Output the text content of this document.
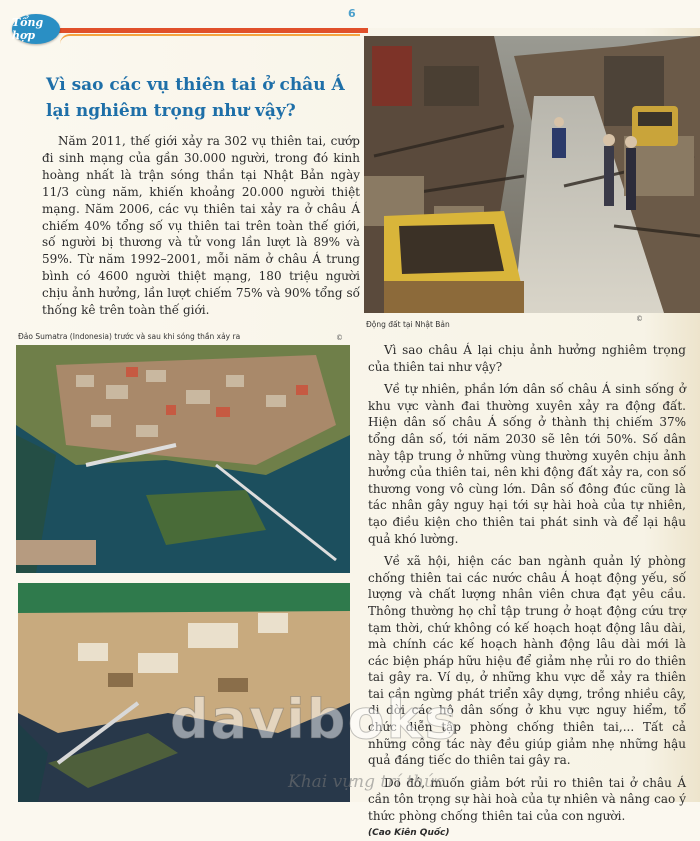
6
Tổng hợp
Vì sao các vụ thiên tai ở châu Á lại nghiêm trọng như vậy?

Năm 2011, thế giới xảy ra 302 vụ thiên tai, cướp đi sinh mạng của gần 30.000 người, trong đó kinh hoàng nhất là trận sóng thần tại Nhật Bản ngày 11/3 cùng năm, khiến khoảng 20.000 người thiệt mạng. Năm 2006, các vụ thiên tai xảy ra ở châu Á chiếm 40% tổng số vụ thiên tai trên toàn thế giới, số người bị thương và tử vong lần lượt là 89% và 59%. Từ năm 1992–2001, mỗi năm ở châu Á trung bình có 4600 người thiệt mạng, 180 triệu người chịu ảnh hưởng, lần lượt chiếm 75% và 90% tổng số thống kê trên toàn thế giới.

Động đất tại Nhật Bản
©
Đảo Sumatra (Indonesia) trước và sau khi sóng thần xảy ra	©

Vì sao châu Á lại chịu ảnh hưởng nghiêm trọng của thiên tai như vậy?

Về tự nhiên, phần lớn dân số châu Á sinh sống ở khu vực vành đai thường xuyên xảy ra động đất. Hiện dân số châu Á sống ở thành thị chiếm 37% tổng dân số, tới năm 2030 sẽ lên tới 50%. Số dân này tập trung ở những vùng thường xuyên chịu ảnh hưởng của thiên tai, nên khi động đất xảy ra, con số thương vong vô cùng lớn. Dân số đông đúc cũng là tác nhân gây nguy hại tới sự hài hoà của tự nhiên, tạo điều kiện cho thiên tai phát sinh và để lại hậu quả khó lường.

Về xã hội, hiện các ban ngành quản lý phòng chống thiên tai các nước châu Á hoạt động yếu, số lượng và chất lượng nhân viên chưa đạt yêu cầu. Thông thường họ chỉ tập trung ở hoạt động cứu trợ tạm thời, chứ không có kế hoạch hoạt động lâu dài, mà chính các kế hoạch hành động lâu dài mới là các biện pháp hữu hiệu để giảm nhẹ rủi ro do thiên tai gây ra. Ví dụ, ở những khu vực dễ xảy ra thiên tai cần ngừng phát triển xây dựng, trồng nhiều cây, di dời các hộ dân sống ở khu vực nguy hiểm, tổ chức diễn tập phòng chống thiên tai,... Tất cả những công tác này đều giúp giảm nhẹ những hậu quả đáng tiếc do thiên tai gây ra.

Do đó, muốn giảm bớt rủi ro thiên tai ở châu Á cần tôn trọng sự hài hoà của tự nhiên và nâng cao ý thức phòng chống thiên tai của con người.

(Cao Kiên Quốc)
daviboks
Khai vựng trí thức
